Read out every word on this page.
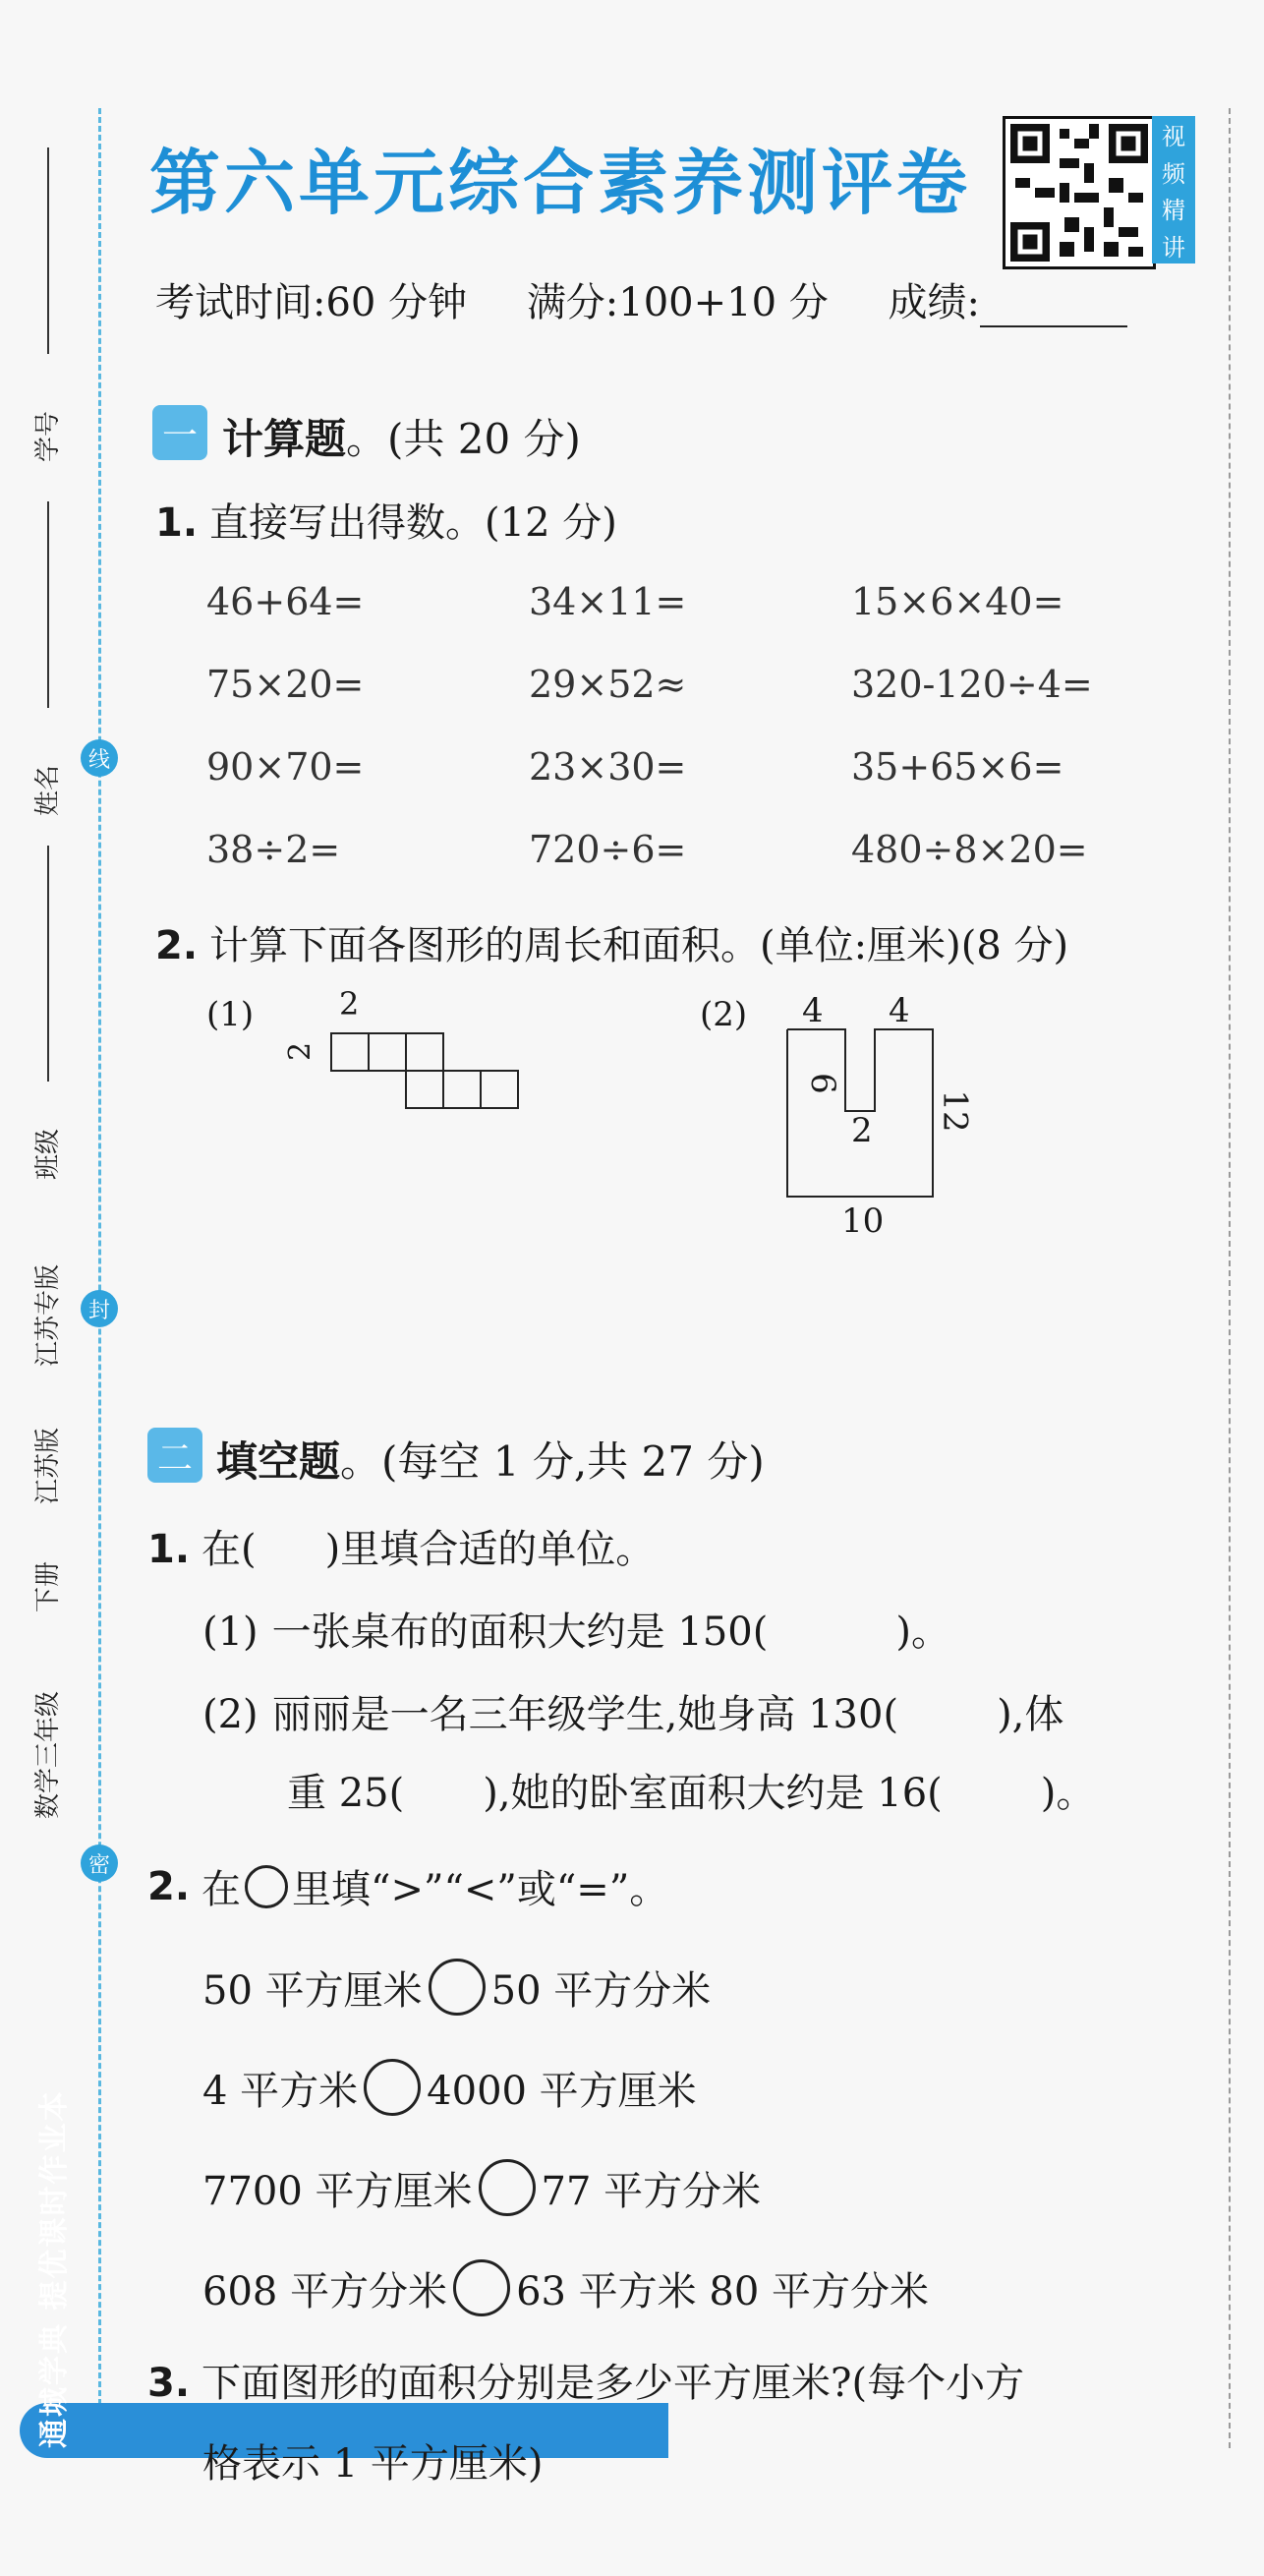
学号
姓名
班级
线
封
密
江苏专版
江苏版
下册
数学三年级
通城学典 提优课时作业本
第六单元综合素养测评卷
视
频
精
讲
考试时间:60 分钟 满分:100+10 分 成绩:
一 计算题。(共 20 分)
1. 直接写出得数。(12 分)
46+64=	34×11=	15×6×40=
75×20=	29×52≈	320-120÷4=
90×70=	23×30=	35+65×6=
38÷2=	720÷6=	480÷8×20=
2. 计算下面各图形的周长和面积。(单位:厘米)(8 分)
(1)	2
2
(2) 4 4
6
2 12
10
二 填空题。(每空 1 分,共 27 分)
1. 在( )里填合适的单位。
(1) 一张桌布的面积大约是 150(	)。
(2) 丽丽是一名三年级学生,她身高 130(	),体
重 25( ),她的卧室面积大约是 16(	)。
2. 在 里填“>”“<”或“=”。
50 平方厘米 50 平方分米
4 平方米 4000 平方厘米
7700 平方厘米 77 平方分米
608 平方分米 63 平方米 80 平方分米
3. 下面图形的面积分别是多少平方厘米?(每个小方
格表示 1 平方厘米)
